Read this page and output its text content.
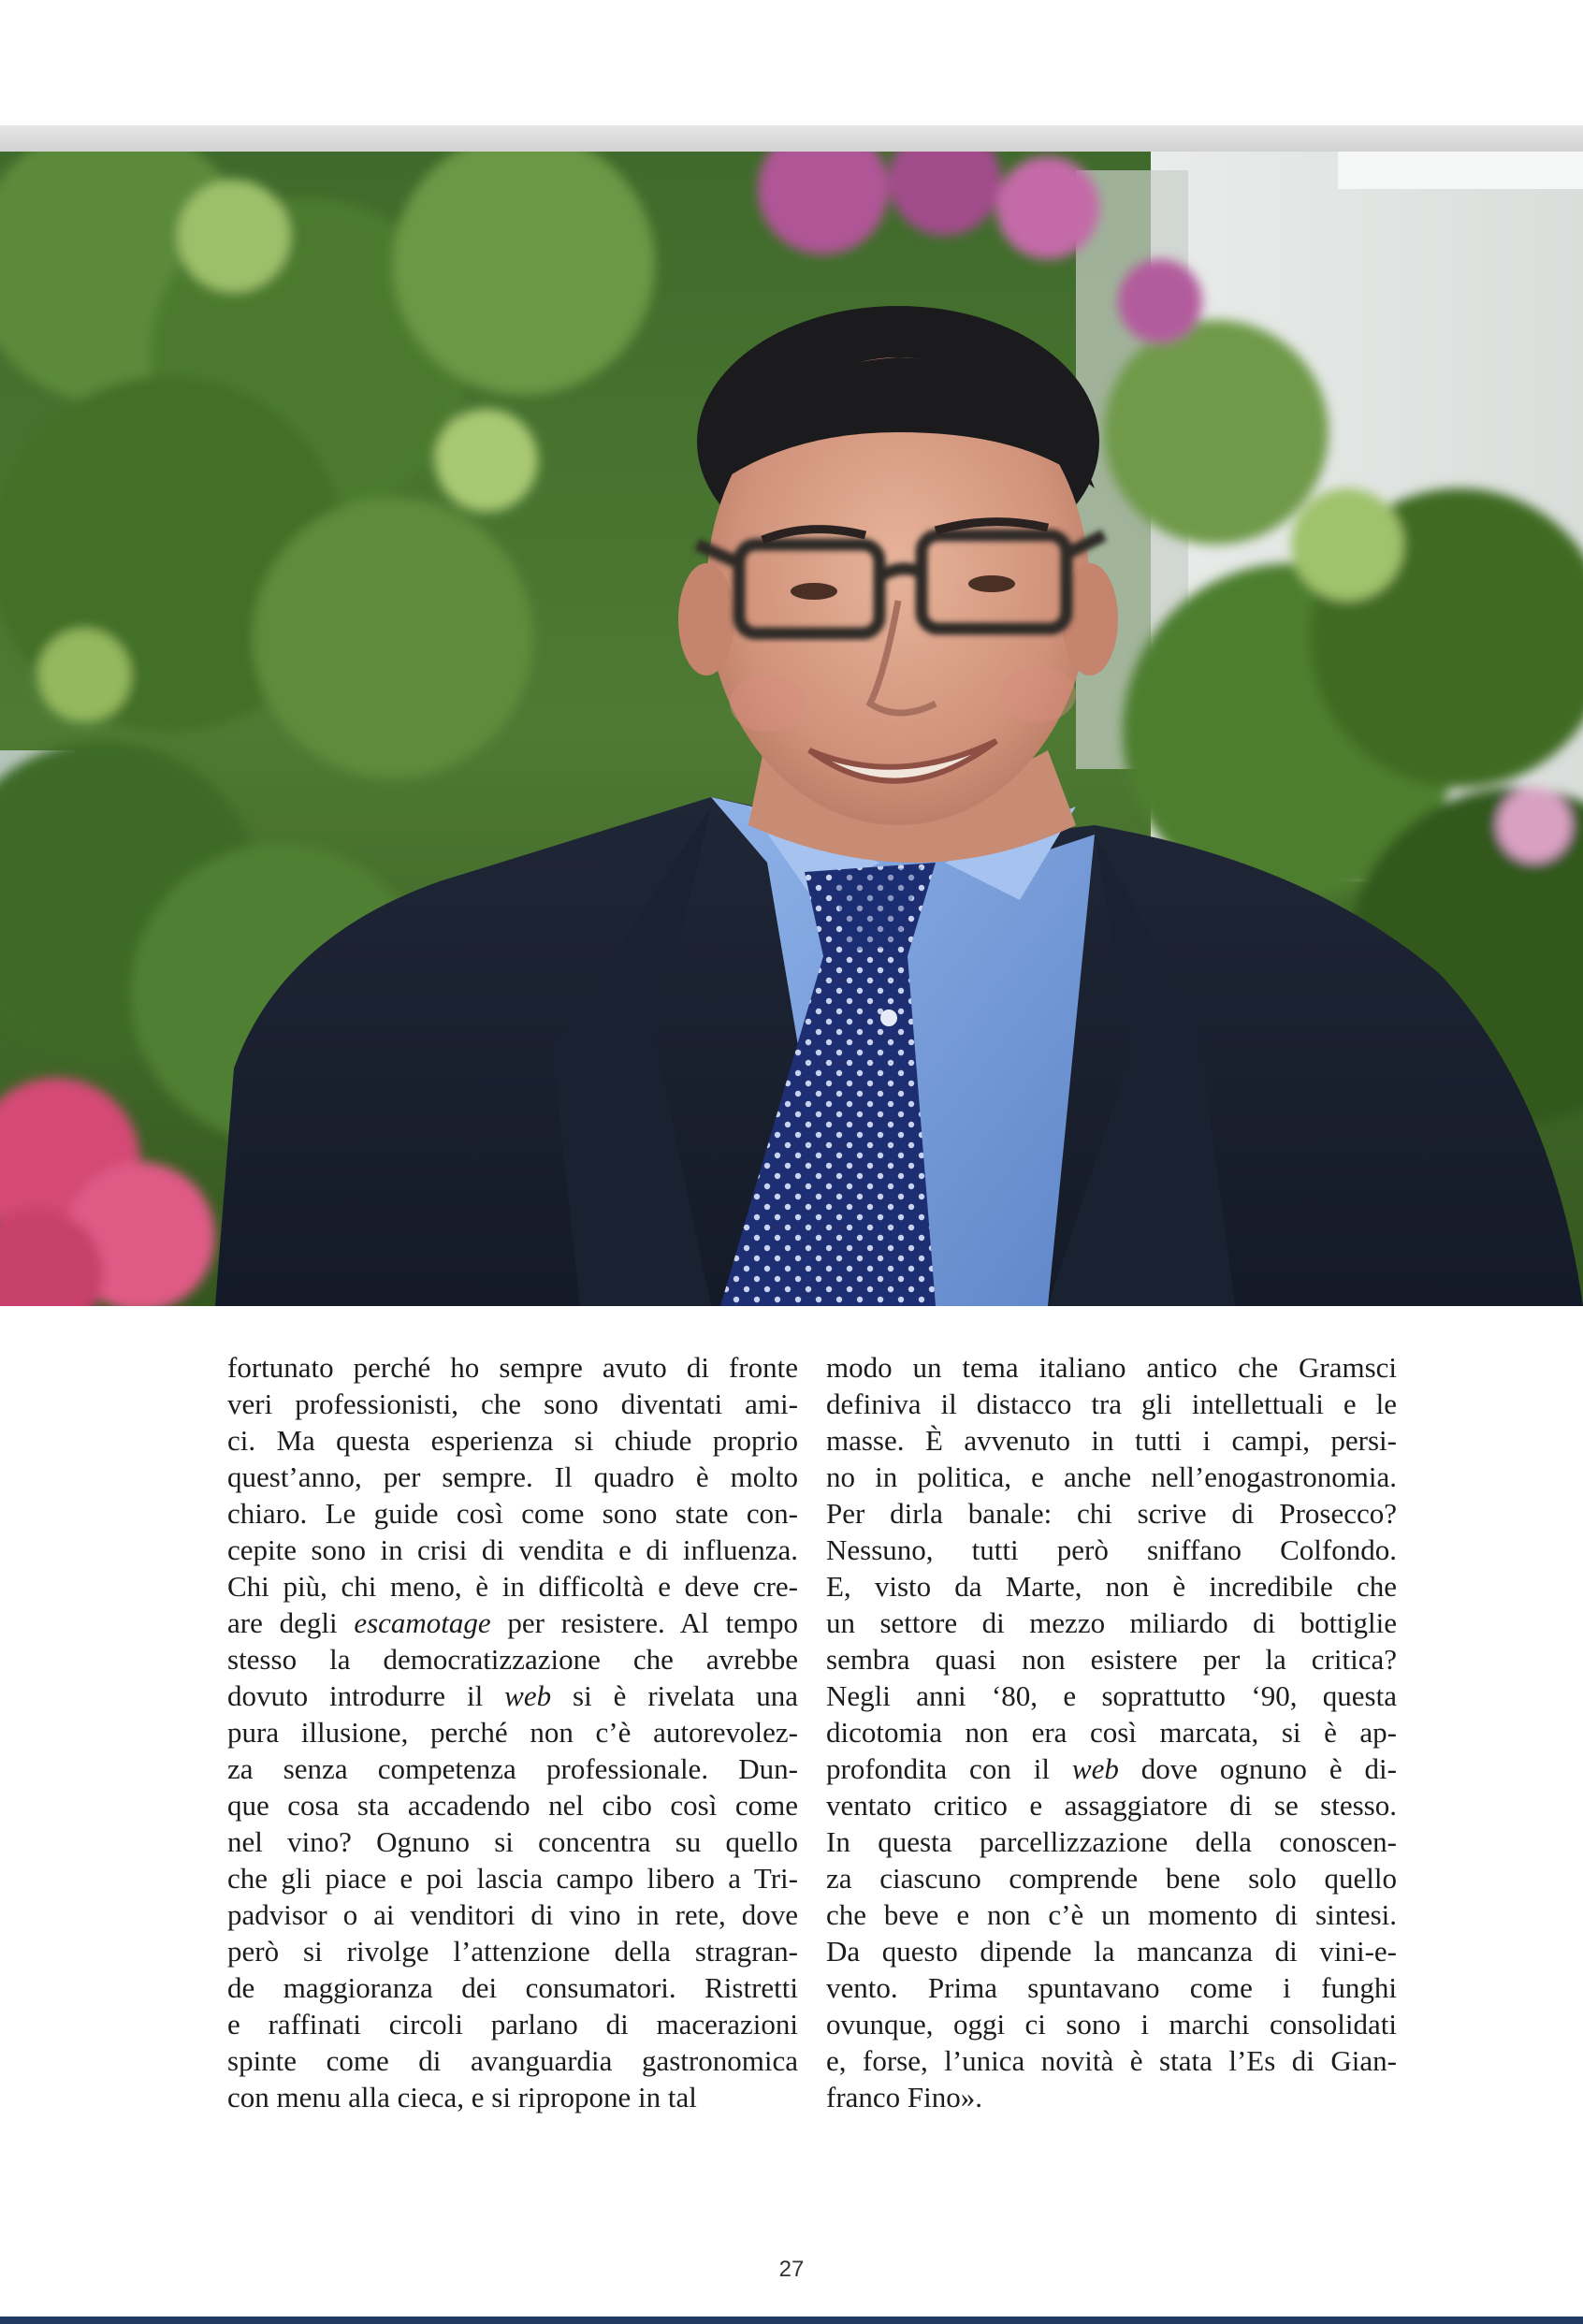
fortunato perché ho sempre avuto di fronte
veri professionisti, che sono diventati ami-
ci. Ma questa esperienza si chiude proprio
quest’anno, per sempre. Il quadro è molto
chiaro. Le guide così come sono state con-
cepite sono in crisi di vendita e di influenza.
Chi più, chi meno, è in difficoltà e deve cre-
are degli escamotage per resistere. Al tempo
stesso la democratizzazione che avrebbe
dovuto introdurre il web si è rivelata una
pura illusione, perché non c’è autorevolez-
za senza competenza professionale. Dun-
que cosa sta accadendo nel cibo così come
nel vino? Ognuno si concentra su quello
che gli piace e poi lascia campo libero a Tri-
padvisor o ai venditori di vino in rete, dove
però si rivolge l’attenzione della stragran-
de maggioranza dei consumatori. Ristretti
e raffinati circoli parlano di macerazioni
spinte come di avanguardia gastronomica
con menu alla cieca, e si ripropone in tal
modo un tema italiano antico che Gramsci
definiva il distacco tra gli intellettuali e le
masse. È avvenuto in tutti i campi, persi-
no in politica, e anche nell’enogastronomia.
Per dirla banale: chi scrive di Prosecco?
Nessuno, tutti però sniffano Colfondo.
E, visto da Marte, non è incredibile che
un settore di mezzo miliardo di bottiglie
sembra quasi non esistere per la critica?
Negli anni ‘80, e soprattutto ‘90, questa
dicotomia non era così marcata, si è ap-
profondita con il web dove ognuno è di-
ventato critico e assaggiatore di se stesso.
In questa parcellizzazione della conoscen-
za ciascuno comprende bene solo quello
che beve e non c’è un momento di sintesi.
Da questo dipende la mancanza di vini-e-
vento. Prima spuntavano come i funghi
ovunque, oggi ci sono i marchi consolidati
e, forse, l’unica novità è stata l’Es di Gian-
franco Fino».
27
